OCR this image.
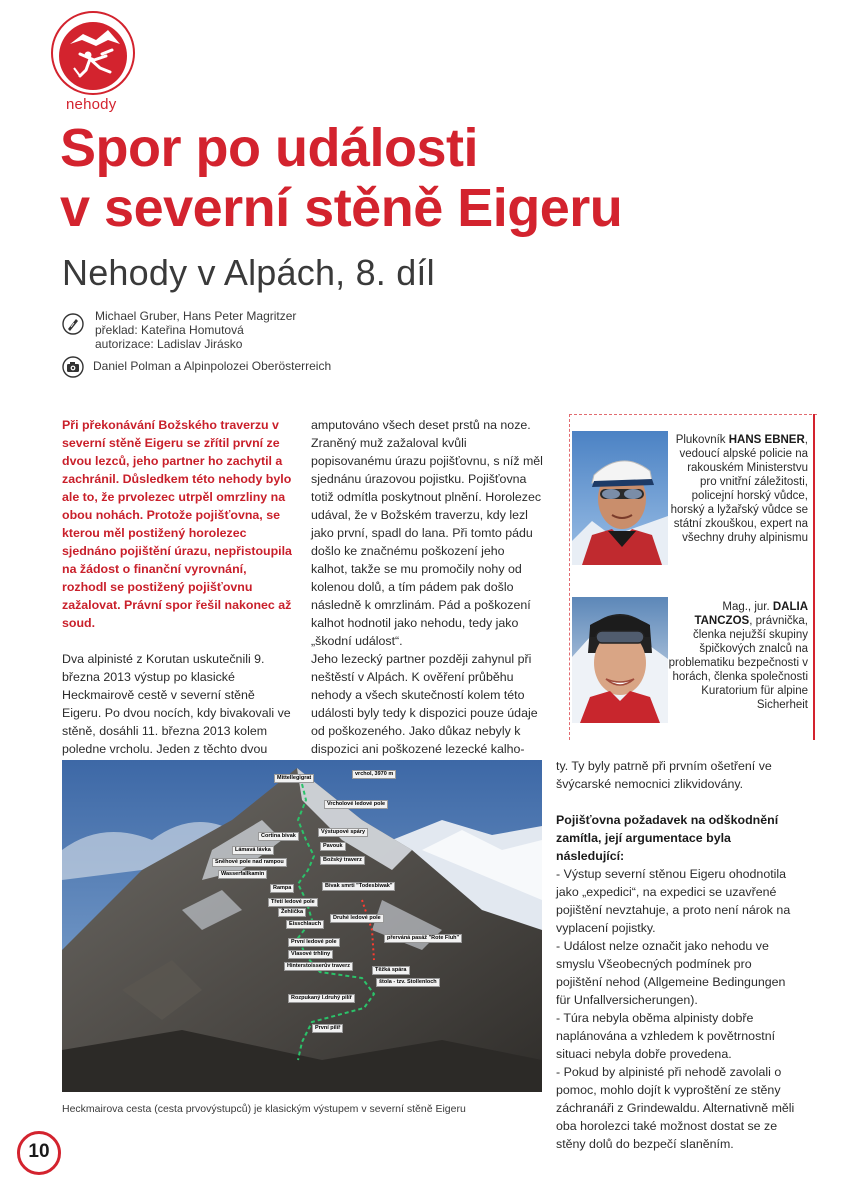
nehody
Spor po události
v severní stěně Eigeru
Nehody v Alpách, 8. díl
Michael Gruber, Hans Peter Magritzer
překlad: Kateřina Homutová
autorizace: Ladislav Jirásko
Daniel Polman a Alpinpolozei Oberösterreich

Při překonávání Božského traverzu v severní stěně Eigeru se zřítil první ze dvou lezců, jeho partner ho zachytil a zachránil. Důsledkem této nehody bylo ale to, že prvolezec utrpěl omrzliny na obou nohách. Protože pojišťovna, se kterou měl postižený horolezec sjednáno pojištění úrazu, nepřistoupila na žádost o finanční vyrovnání, rozhodl se postižený pojišťovnu zažalovat. Právní spor řešil nakonec až soud.

Dva alpinisté z Korutan uskutečnili 9. března 2013 výstup po klasické Heckmairově cestě v severní stěně Eigeru. Po dvou nocích, kdy bivakovali ve stěně, dosáhli 11. března 2013 kolem poledne vrcholu. Jeden z těchto dvou

amputováno všech deset prstů na noze. Zraněný muž zažaloval kvůli popisovanému úrazu pojišťovnu, s níž měl sjednánu úrazovou pojistku. Pojišťovna totiž odmítla poskytnout plnění. Horolezec udával, že v Božském traverzu, kdy lezl jako první, spadl do lana. Při tomto pádu došlo ke značnému poškození jeho kalhot, takže se mu promočily nohy od kolenou dolů, a tím pádem pak došlo následně k omrzlinám. Pád a poškození kalhot hodnotil jako nehodu, tedy jako „škodní událost“.

Jeho lezecký partner později zahynul při neštěstí v Alpách. K ověření průběhu nehody a všech skutečností kolem této události byly tedy k dispozici pouze údaje od poškozeného. Jako důkaz nebyly k dispozici ani poškozené lezecké kalho-

Plukovník HANS EBNER, vedoucí alpské policie na rakouském Ministerstvu pro vnitřní záležitosti, policejní horský vůdce, horský a lyžařský vůdce se státní zkouškou, expert na všechny druhy alpinismu
Mag., jur. DALIA TANCZOS, právnička, členka nejužší skupiny špičkových znalců na problematiku bezpečnosti v horách, členka společnosti Kuratorium für alpine Sicherheit
Mittellegigrat
vrchol, 3970 m
Vrcholové ledové pole
Výstupové spáry
Pavouk
Cortina bivak
Lámavá lávka
Sněhové pole nad rampou
Wasserfallkamin
Božský traverz
Rampa	Bivak smrti "Todesbiwak"
Třetí ledové pole
Žehlička
Eisschlauch
Druhé ledové pole
přerváná pasáž "Rote Fluh"
První ledové pole
Vlasové trhliny
Hinterstoisserův traverz
Těžká spára
štola - tzv. Stollenloch
Rozpukaný I.druhý pilíř
První pilíř
Heckmairova cesta (cesta prvovýstupců) je klasickým výstupem v severní stěně Eigeru

ty. Ty byly patrně při prvním ošetření ve švýcarské nemocnici zlikvidovány.

Pojišťovna požadavek na odškodnění zamítla, její argumentace byla následující:

- Výstup severní stěnou Eigeru ohodnotila jako „expedici“, na expedici se uzavřené pojištění nevztahuje, a proto není nárok na vyplacení pojistky.

- Událost nelze označit jako nehodu ve smyslu Všeobecných podmínek pro pojištění nehod (Allgemeine Bedingungen für Unfallversicherungen).

- Túra nebyla oběma alpinisty dobře naplánována a vzhledem k povětrnostní situaci nebyla dobře provedena.

- Pokud by alpinisté při nehodě zavolali o pomoc, mohlo dojít k vyproštění ze stěny záchranáři z Grindewaldu. Alternativně měli oba horolezci také možnost dostat se ze stěny dolů do bezpečí slaněním.

10
